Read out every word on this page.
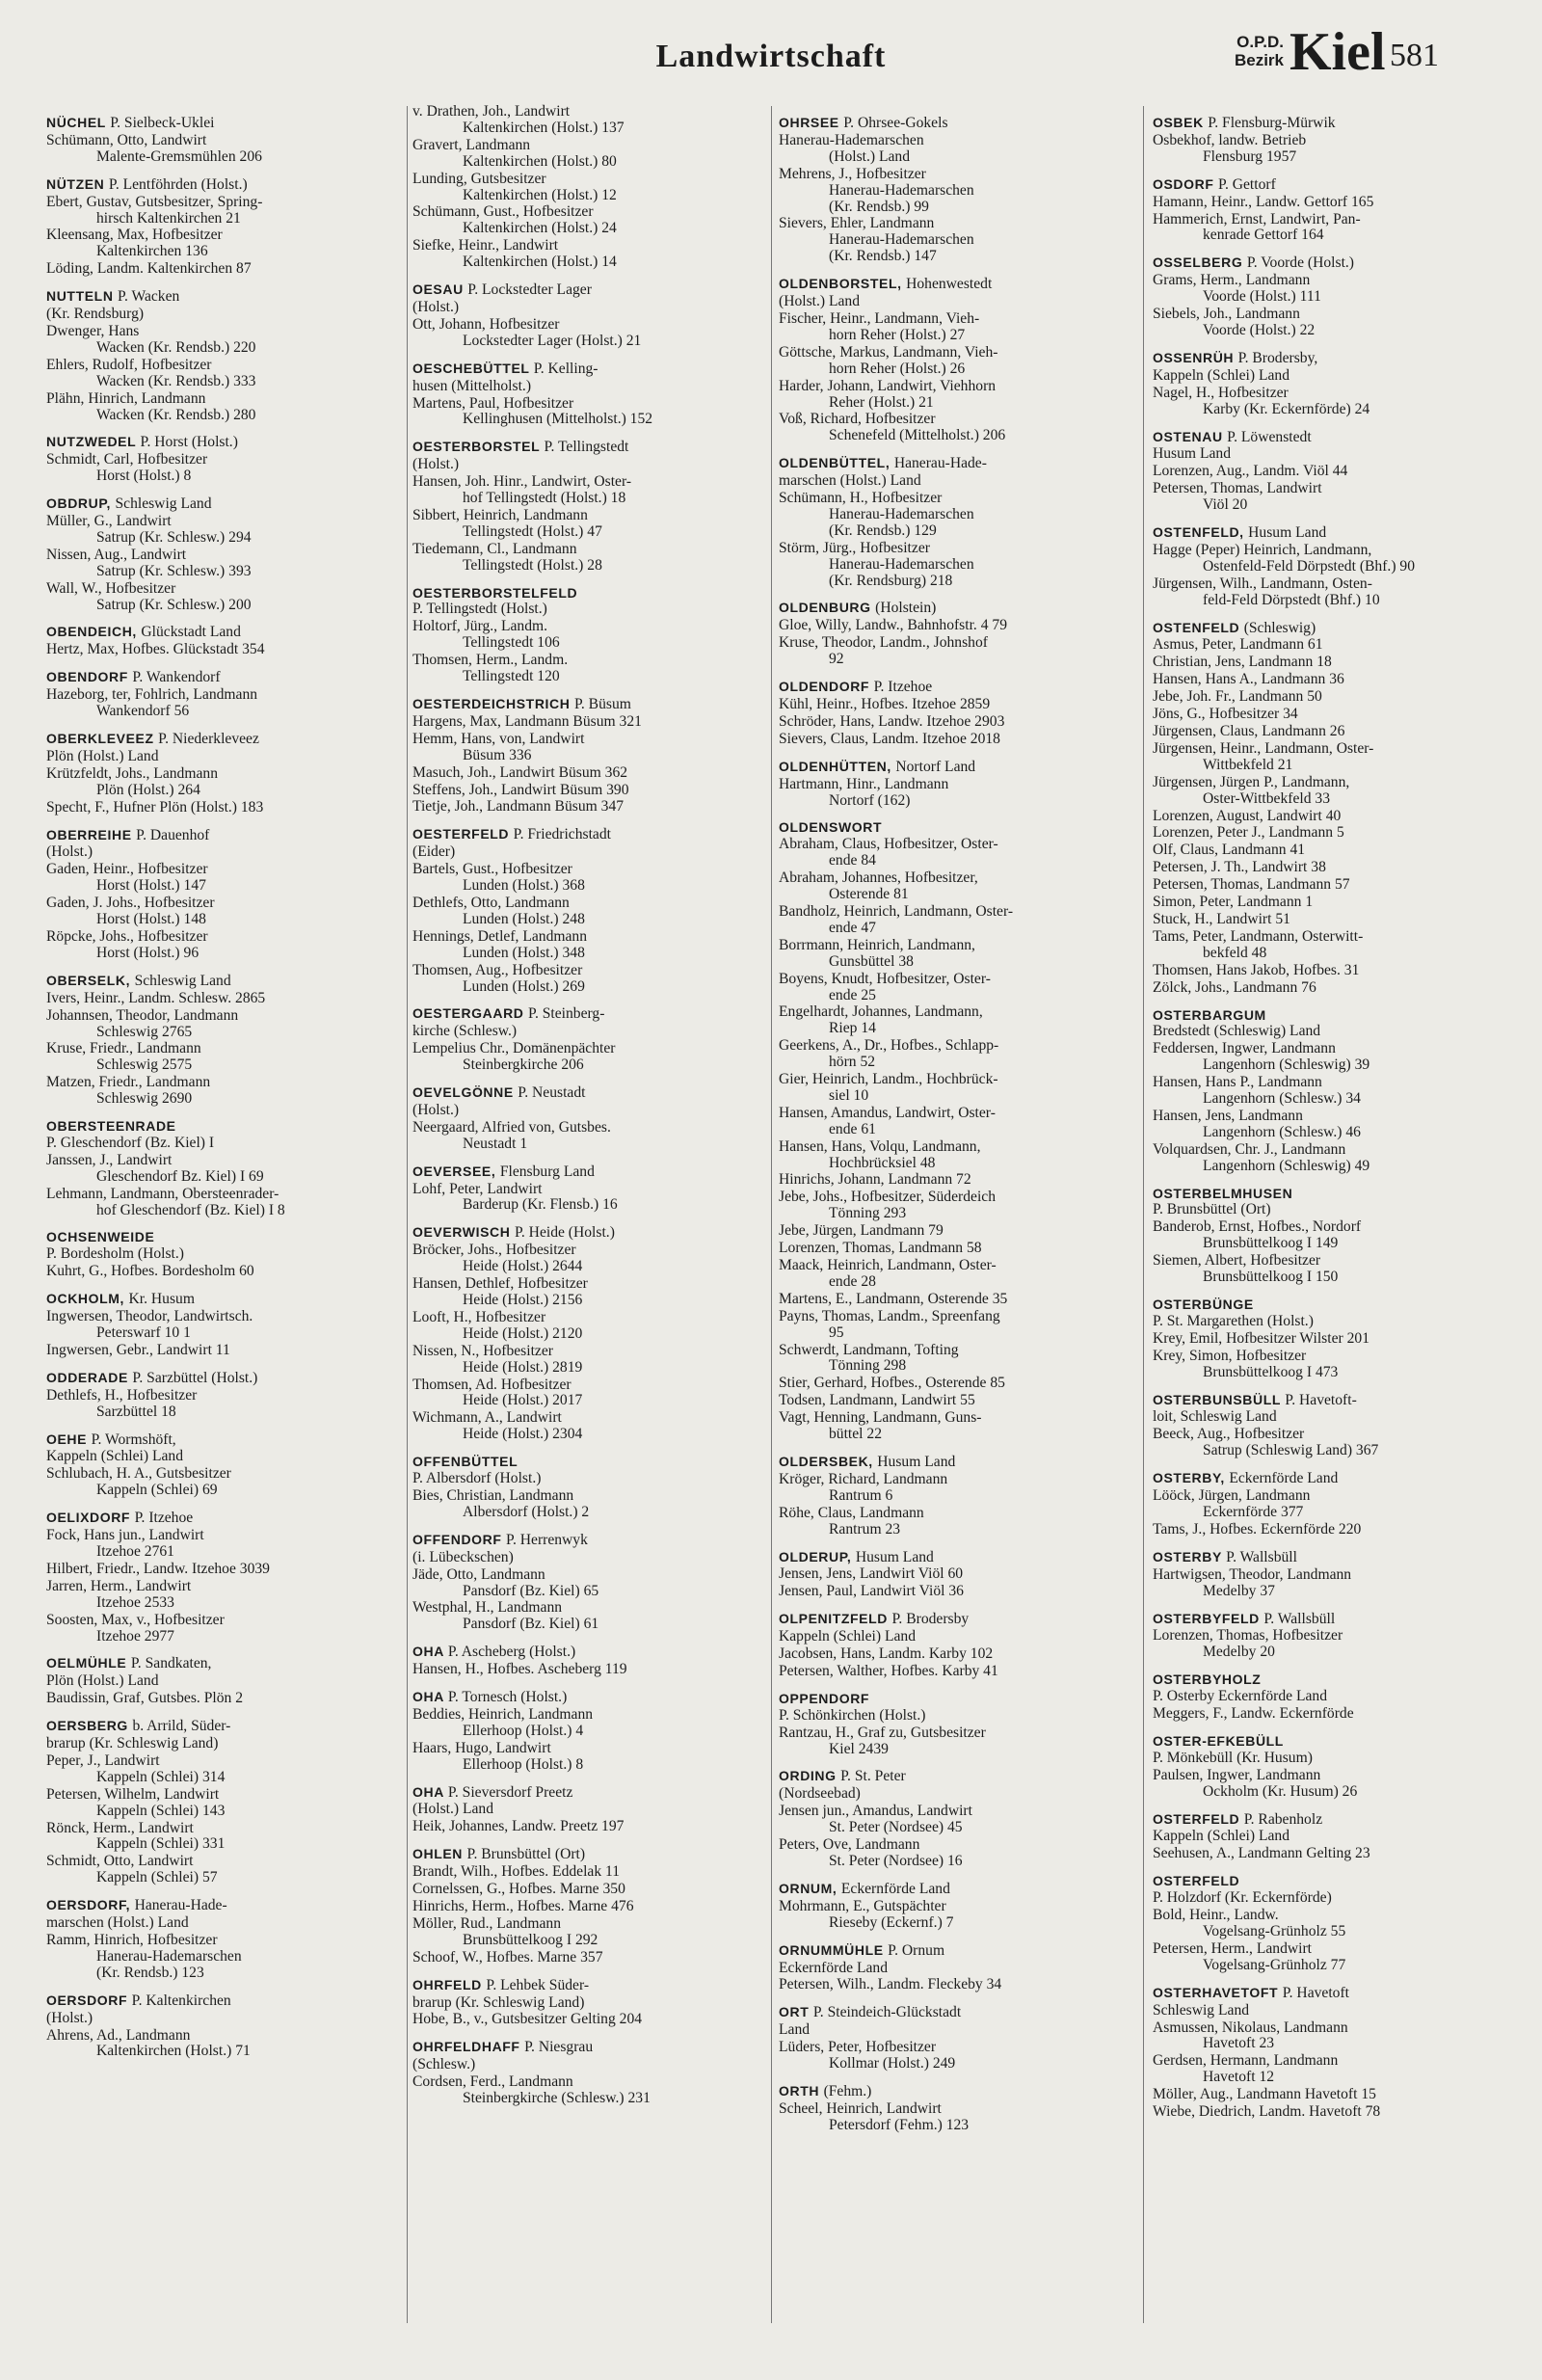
Landwirtschaft	O.P.D.
Bezirk Kiel 581
NÜCHEL P. Sielbeck-Uklei
Schümann, Otto, Landwirt
Malente-Gremsmühlen 206
NÜTZEN P. Lentföhrden (Holst.)
Ebert, Gustav, Gutsbesitzer, Spring-
hirsch Kaltenkirchen 21
Kleensang, Max, Hofbesitzer
Kaltenkirchen 136
Löding, Landm. Kaltenkirchen 87
NUTTELN P. Wacken
(Kr. Rendsburg)
Dwenger, Hans
Wacken (Kr. Rendsb.) 220
Ehlers, Rudolf, Hofbesitzer
Wacken (Kr. Rendsb.) 333
Plähn, Hinrich, Landmann
Wacken (Kr. Rendsb.) 280
NUTZWEDEL P. Horst (Holst.)
Schmidt, Carl, Hofbesitzer
Horst (Holst.) 8
OBDRUP, Schleswig Land
Müller, G., Landwirt
Satrup (Kr. Schlesw.) 294
Nissen, Aug., Landwirt
Satrup (Kr. Schlesw.) 393
Wall, W., Hofbesitzer
Satrup (Kr. Schlesw.) 200
OBENDEICH, Glückstadt Land
Hertz, Max, Hofbes. Glückstadt 354
OBENDORF P. Wankendorf
Hazeborg, ter, Fohlrich, Landmann
Wankendorf 56
OBERKLEVEEZ P. Niederkleveez
Plön (Holst.) Land
Krützfeldt, Johs., Landmann
Plön (Holst.) 264
Specht, F., Hufner Plön (Holst.) 183
OBERREIHE P. Dauenhof
(Holst.)
Gaden, Heinr., Hofbesitzer
Horst (Holst.) 147
Gaden, J. Johs., Hofbesitzer
Horst (Holst.) 148
Röpcke, Johs., Hofbesitzer
Horst (Holst.) 96
OBERSELK, Schleswig Land
Ivers, Heinr., Landm. Schlesw. 2865
Johannsen, Theodor, Landmann
Schleswig 2765
Kruse, Friedr., Landmann
Schleswig 2575
Matzen, Friedr., Landmann
Schleswig 2690
OBERSTEENRADE
P. Gleschendorf (Bz. Kiel) I
Janssen, J., Landwirt
Gleschendorf Bz. Kiel) I 69
Lehmann, Landmann, Obersteenrader-
hof Gleschendorf (Bz. Kiel) I 8
OCHSENWEIDE
P. Bordesholm (Holst.)
Kuhrt, G., Hofbes. Bordesholm 60
OCKHOLM, Kr. Husum
Ingwersen, Theodor, Landwirtsch.
Peterswarf 10 1
Ingwersen, Gebr., Landwirt 11
ODDERADE P. Sarzbüttel (Holst.)
Dethlefs, H., Hofbesitzer
Sarzbüttel 18
OEHE P. Wormshöft,
Kappeln (Schlei) Land
Schlubach, H. A., Gutsbesitzer
Kappeln (Schlei) 69
OELIXDORF P. Itzehoe
Fock, Hans jun., Landwirt
Itzehoe 2761
Hilbert, Friedr., Landw. Itzehoe 3039
Jarren, Herm., Landwirt
Itzehoe 2533
Soosten, Max, v., Hofbesitzer
Itzehoe 2977
OELMÜHLE P. Sandkaten,
Plön (Holst.) Land
Baudissin, Graf, Gutsbes. Plön 2
OERSBERG b. Arrild, Süder-
brarup (Kr. Schleswig Land)
Peper, J., Landwirt
Kappeln (Schlei) 314
Petersen, Wilhelm, Landwirt
Kappeln (Schlei) 143
Rönck, Herm., Landwirt
Kappeln (Schlei) 331
Schmidt, Otto, Landwirt
Kappeln (Schlei) 57
OERSDORF, Hanerau-Hade-
marschen (Holst.) Land
Ramm, Hinrich, Hofbesitzer
Hanerau-Hademarschen
(Kr. Rendsb.) 123
OERSDORF P. Kaltenkirchen
(Holst.)
Ahrens, Ad., Landmann
Kaltenkirchen (Holst.) 71
v. Drathen, Joh., Landwirt
Kaltenkirchen (Holst.) 137
Gravert, Landmann
Kaltenkirchen (Holst.) 80
Lunding, Gutsbesitzer
Kaltenkirchen (Holst.) 12
Schümann, Gust., Hofbesitzer
Kaltenkirchen (Holst.) 24
Siefke, Heinr., Landwirt
Kaltenkirchen (Holst.) 14
OESAU P. Lockstedter Lager
(Holst.)
Ott, Johann, Hofbesitzer
Lockstedter Lager (Holst.) 21
OESCHEBÜTTEL P. Kelling-
husen (Mittelholst.)
Martens, Paul, Hofbesitzer
Kellinghusen (Mittelholst.) 152
OESTERBORSTEL P. Tellingstedt
(Holst.)
Hansen, Joh. Hinr., Landwirt, Oster-
hof Tellingstedt (Holst.) 18
Sibbert, Heinrich, Landmann
Tellingstedt (Holst.) 47
Tiedemann, Cl., Landmann
Tellingstedt (Holst.) 28
OESTERBORSTELFELD
P. Tellingstedt (Holst.)
Holtorf, Jürg., Landm.
Tellingstedt 106
Thomsen, Herm., Landm.
Tellingstedt 120
OESTERDEICHSTRICH P. Büsum
Hargens, Max, Landmann Büsum 321
Hemm, Hans, von, Landwirt
Büsum 336
Masuch, Joh., Landwirt Büsum 362
Steffens, Joh., Landwirt Büsum 390
Tietje, Joh., Landmann Büsum 347
OESTERFELD P. Friedrichstadt
(Eider)
Bartels, Gust., Hofbesitzer
Lunden (Holst.) 368
Dethlefs, Otto, Landmann
Lunden (Holst.) 248
Hennings, Detlef, Landmann
Lunden (Holst.) 348
Thomsen, Aug., Hofbesitzer
Lunden (Holst.) 269
OESTERGAARD P. Steinberg-
kirche (Schlesw.)
Lempelius Chr., Domänenpächter
Steinbergkirche 206
OEVELGÖNNE P. Neustadt
(Holst.)
Neergaard, Alfried von, Gutsbes.
Neustadt 1
OEVERSEE, Flensburg Land
Lohf, Peter, Landwirt
Barderup (Kr. Flensb.) 16
OEVERWISCH P. Heide (Holst.)
Bröcker, Johs., Hofbesitzer
Heide (Holst.) 2644
Hansen, Dethlef, Hofbesitzer
Heide (Holst.) 2156
Looft, H., Hofbesitzer
Heide (Holst.) 2120
Nissen, N., Hofbesitzer
Heide (Holst.) 2819
Thomsen, Ad. Hofbesitzer
Heide (Holst.) 2017
Wichmann, A., Landwirt
Heide (Holst.) 2304
OFFENBÜTTEL
P. Albersdorf (Holst.)
Bies, Christian, Landmann
Albersdorf (Holst.) 2
OFFENDORF P. Herrenwyk
(i. Lübeckschen)
Jäde, Otto, Landmann
Pansdorf (Bz. Kiel) 65
Westphal, H., Landmann
Pansdorf (Bz. Kiel) 61
OHA P. Ascheberg (Holst.)
Hansen, H., Hofbes. Ascheberg 119
OHA P. Tornesch (Holst.)
Beddies, Heinrich, Landmann
Ellerhoop (Holst.) 4
Haars, Hugo, Landwirt
Ellerhoop (Holst.) 8
OHA P. Sieversdorf Preetz
(Holst.) Land
Heik, Johannes, Landw. Preetz 197
OHLEN P. Brunsbüttel (Ort)
Brandt, Wilh., Hofbes. Eddelak 11
Cornelssen, G., Hofbes. Marne 350
Hinrichs, Herm., Hofbes. Marne 476
Möller, Rud., Landmann
Brunsbüttelkoog I 292
Schoof, W., Hofbes. Marne 357
OHRFELD P. Lehbek Süder-
brarup (Kr. Schleswig Land)
Hobe, B., v., Gutsbesitzer Gelting 204
OHRFELDHAFF P. Niesgrau
(Schlesw.)
Cordsen, Ferd., Landmann
Steinbergkirche (Schlesw.) 231
OHRSEE P. Ohrsee-Gokels
Hanerau-Hademarschen
(Holst.) Land
Mehrens, J., Hofbesitzer
Hanerau-Hademarschen
(Kr. Rendsb.) 99
Sievers, Ehler, Landmann
Hanerau-Hademarschen
(Kr. Rendsb.) 147
OLDENBORSTEL, Hohenwestedt
(Holst.) Land
Fischer, Heinr., Landmann, Vieh-
horn Reher (Holst.) 27
Göttsche, Markus, Landmann, Vieh-
horn Reher (Holst.) 26
Harder, Johann, Landwirt, Viehhorn
Reher (Holst.) 21
Voß, Richard, Hofbesitzer
Schenefeld (Mittelholst.) 206
OLDENBÜTTEL, Hanerau-Hade-
marschen (Holst.) Land
Schümann, H., Hofbesitzer
Hanerau-Hademarschen
(Kr. Rendsb.) 129
Störm, Jürg., Hofbesitzer
Hanerau-Hademarschen
(Kr. Rendsburg) 218
OLDENBURG (Holstein)
Gloe, Willy, Landw., Bahnhofstr. 4 79
Kruse, Theodor, Landm., Johnshof
92
OLDENDORF P. Itzehoe
Kühl, Heinr., Hofbes. Itzehoe 2859
Schröder, Hans, Landw. Itzehoe 2903
Sievers, Claus, Landm. Itzehoe 2018
OLDENHÜTTEN, Nortorf Land
Hartmann, Hinr., Landmann
Nortorf (162)
OLDENSWORT
Abraham, Claus, Hofbesitzer, Oster-
ende 84
Abraham, Johannes, Hofbesitzer,
Osterende 81
Bandholz, Heinrich, Landmann, Oster-
ende 47
Borrmann, Heinrich, Landmann,
Gunsbüttel 38
Boyens, Knudt, Hofbesitzer, Oster-
ende 25
Engelhardt, Johannes, Landmann,
Riep 14
Geerkens, A., Dr., Hofbes., Schlapp-
hörn 52
Gier, Heinrich, Landm., Hochbrück-
siel 10
Hansen, Amandus, Landwirt, Oster-
ende 61
Hansen, Hans, Volqu, Landmann,
Hochbrücksiel 48
Hinrichs, Johann, Landmann 72
Jebe, Johs., Hofbesitzer, Süderdeich
Tönning 293
Jebe, Jürgen, Landmann 79
Lorenzen, Thomas, Landmann 58
Maack, Heinrich, Landmann, Oster-
ende 28
Martens, E., Landmann, Osterende 35
Payns, Thomas, Landm., Spreenfang
95
Schwerdt, Landmann, Tofting
Tönning 298
Stier, Gerhard, Hofbes., Osterende 85
Todsen, Landmann, Landwirt 55
Vagt, Henning, Landmann, Guns-
büttel 22
OLDERSBEK, Husum Land
Kröger, Richard, Landmann
Rantrum 6
Röhe, Claus, Landmann
Rantrum 23
OLDERUP, Husum Land
Jensen, Jens, Landwirt Viöl 60
Jensen, Paul, Landwirt Viöl 36
OLPENITZFELD P. Brodersby
Kappeln (Schlei) Land
Jacobsen, Hans, Landm. Karby 102
Petersen, Walther, Hofbes. Karby 41
OPPENDORF
P. Schönkirchen (Holst.)
Rantzau, H., Graf zu, Gutsbesitzer
Kiel 2439
ORDING P. St. Peter
(Nordseebad)
Jensen jun., Amandus, Landwirt
St. Peter (Nordsee) 45
Peters, Ove, Landmann
St. Peter (Nordsee) 16
ORNUM, Eckernförde Land
Mohrmann, E., Gutspächter
Rieseby (Eckernf.) 7
ORNUMMÜHLE P. Ornum
Eckernförde Land
Petersen, Wilh., Landm. Fleckeby 34
ORT P. Steindeich-Glückstadt
Land
Lüders, Peter, Hofbesitzer
Kollmar (Holst.) 249
ORTH (Fehm.)
Scheel, Heinrich, Landwirt
Petersdorf (Fehm.) 123
OSBEK P. Flensburg-Mürwik
Osbekhof, landw. Betrieb
Flensburg 1957
OSDORF P. Gettorf
Hamann, Heinr., Landw. Gettorf 165
Hammerich, Ernst, Landwirt, Pan-
kenrade Gettorf 164
OSSELBERG P. Voorde (Holst.)
Grams, Herm., Landmann
Voorde (Holst.) 111
Siebels, Joh., Landmann
Voorde (Holst.) 22
OSSENRÜH P. Brodersby,
Kappeln (Schlei) Land
Nagel, H., Hofbesitzer
Karby (Kr. Eckernförde) 24
OSTENAU P. Löwenstedt
Husum Land
Lorenzen, Aug., Landm. Viöl 44
Petersen, Thomas, Landwirt
Viöl 20
OSTENFELD, Husum Land
Hagge (Peper) Heinrich, Landmann,
Ostenfeld-Feld Dörpstedt (Bhf.) 90
Jürgensen, Wilh., Landmann, Osten-
feld-Feld Dörpstedt (Bhf.) 10
OSTENFELD (Schleswig)
Asmus, Peter, Landmann 61
Christian, Jens, Landmann 18
Hansen, Hans A., Landmann 36
Jebe, Joh. Fr., Landmann 50
Jöns, G., Hofbesitzer 34
Jürgensen, Claus, Landmann 26
Jürgensen, Heinr., Landmann, Oster-
Wittbekfeld 21
Jürgensen, Jürgen P., Landmann,
Oster-Wittbekfeld 33
Lorenzen, August, Landwirt 40
Lorenzen, Peter J., Landmann 5
Olf, Claus, Landmann 41
Petersen, J. Th., Landwirt 38
Petersen, Thomas, Landmann 57
Simon, Peter, Landmann 1
Stuck, H., Landwirt 51
Tams, Peter, Landmann, Osterwitt-
bekfeld 48
Thomsen, Hans Jakob, Hofbes. 31
Zölck, Johs., Landmann 76
OSTERBARGUM
Bredstedt (Schleswig) Land
Feddersen, Ingwer, Landmann
Langenhorn (Schleswig) 39
Hansen, Hans P., Landmann
Langenhorn (Schlesw.) 34
Hansen, Jens, Landmann
Langenhorn (Schlesw.) 46
Volquardsen, Chr. J., Landmann
Langenhorn (Schleswig) 49
OSTERBELMHUSEN
P. Brunsbüttel (Ort)
Banderob, Ernst, Hofbes., Nordorf
Brunsbüttelkoog I 149
Siemen, Albert, Hofbesitzer
Brunsbüttelkoog I 150
OSTERBÜNGE
P. St. Margarethen (Holst.)
Krey, Emil, Hofbesitzer Wilster 201
Krey, Simon, Hofbesitzer
Brunsbüttelkoog I 473
OSTERBUNSBÜLL P. Havetoft-
loit, Schleswig Land
Beeck, Aug., Hofbesitzer
Satrup (Schleswig Land) 367
OSTERBY, Eckernförde Land
Lööck, Jürgen, Landmann
Eckernförde 377
Tams, J., Hofbes. Eckernförde 220
OSTERBY P. Wallsbüll
Hartwigsen, Theodor, Landmann
Medelby 37
OSTERBYFELD P. Wallsbüll
Lorenzen, Thomas, Hofbesitzer
Medelby 20
OSTERBYHOLZ
P. Osterby Eckernförde Land
Meggers, F., Landw. Eckernförde
OSTER-EFKEBÜLL
P. Mönkebüll (Kr. Husum)
Paulsen, Ingwer, Landmann
Ockholm (Kr. Husum) 26
OSTERFELD P. Rabenholz
Kappeln (Schlei) Land
Seehusen, A., Landmann Gelting 23
OSTERFELD
P. Holzdorf (Kr. Eckernförde)
Bold, Heinr., Landw.
Vogelsang-Grünholz 55
Petersen, Herm., Landwirt
Vogelsang-Grünholz 77
OSTERHAVETOFT P. Havetoft
Schleswig Land
Asmussen, Nikolaus, Landmann
Havetoft 23
Gerdsen, Hermann, Landmann
Havetoft 12
Möller, Aug., Landmann Havetoft 15
Wiebe, Diedrich, Landm. Havetoft 78
